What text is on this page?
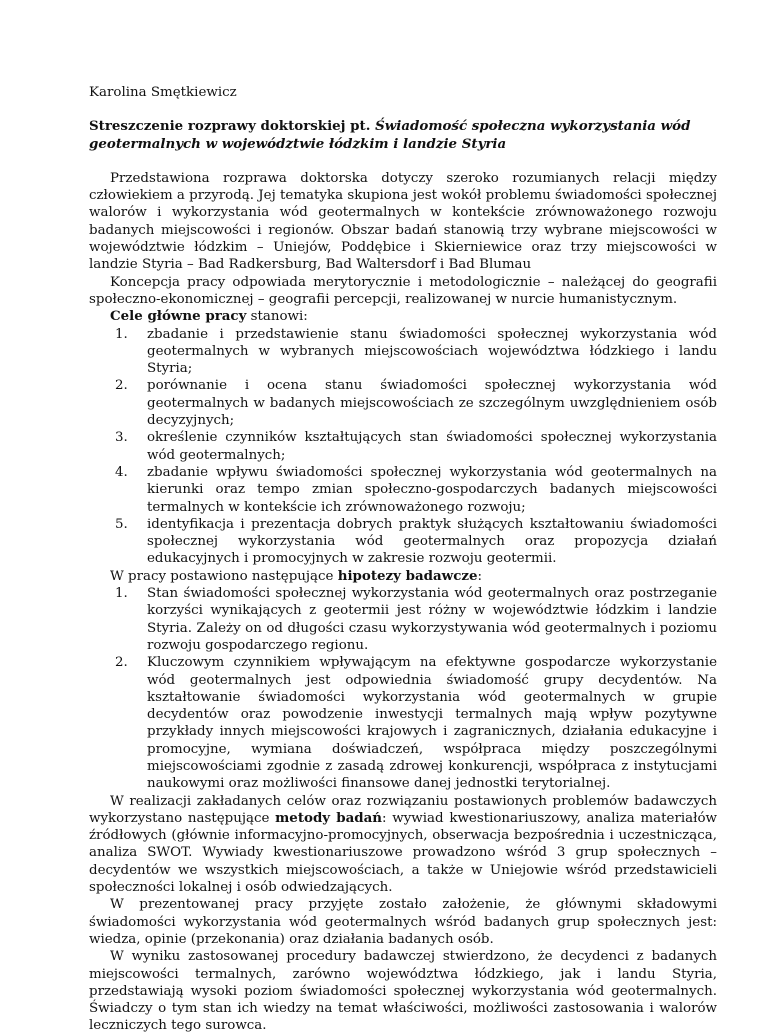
Karolina Smętkiewicz

Streszczenie rozprawy doktorskiej pt. Świadomość społeczna wykorzystania wód geotermalnych w województwie łódzkim i landzie Styria

Przedstawiona rozprawa doktorska dotyczy szeroko rozumianych relacji między człowiekiem a przyrodą. Jej tematyka skupiona jest wokół problemu świadomości społecznej walorów i wykorzystania wód geotermalnych w kontekście zrównoważonego rozwoju badanych miejscowości i regionów. Obszar badań stanowią trzy wybrane miejscowości w województwie łódzkim – Uniejów, Poddębice i Skierniewice oraz trzy miejscowości w landzie Styria – Bad Radkersburg, Bad Waltersdorf i Bad Blumau

Koncepcja pracy odpowiada merytorycznie i metodologicznie – należącej do geografii społeczno-ekonomicznej – geografii percepcji, realizowanej w nurcie humanistycznym.

Cele główne pracy stanowi:

1. zbadanie i przedstawienie stanu świadomości społecznej wykorzystania wód geotermalnych w wybranych miejscowościach województwa łódzkiego i landu Styria;
2. porównanie i ocena stanu świadomości społecznej wykorzystania wód geotermalnych w badanych miejscowościach ze szczególnym uwzględnieniem osób decyzyjnych;
3. określenie czynników kształtujących stan świadomości społecznej wykorzystania wód geotermalnych;
4. zbadanie wpływu świadomości społecznej wykorzystania wód geotermalnych na kierunki oraz tempo zmian społeczno-gospodarczych badanych miejscowości termalnych w kontekście ich zrównoważonego rozwoju;
5. identyfikacja i prezentacja dobrych praktyk służących kształtowaniu świadomości społecznej wykorzystania wód geotermalnych oraz propozycja działań edukacyjnych i promocyjnych w zakresie rozwoju geotermii.

W pracy postawiono następujące hipotezy badawcze:

1. Stan świadomości społecznej wykorzystania wód geotermalnych oraz postrzeganie korzyści wynikających z geotermii jest różny w województwie łódzkim i landzie Styria. Zależy on od długości czasu wykorzystywania wód geotermalnych i poziomu rozwoju gospodarczego regionu.
2. Kluczowym czynnikiem wpływającym na efektywne gospodarcze wykorzystanie wód geotermalnych jest odpowiednia świadomość grupy decydentów. Na kształtowanie świadomości wykorzystania wód geotermalnych w grupie decydentów oraz powodzenie inwestycji termalnych mają wpływ pozytywne przykłady innych miejscowości krajowych i zagranicznych, działania edukacyjne i promocyjne, wymiana doświadczeń, współpraca między poszczególnymi miejscowościami zgodnie z zasadą zdrowej konkurencji, współpraca z instytucjami naukowymi oraz możliwości finansowe danej jednostki terytorialnej.

W realizacji zakładanych celów oraz rozwiązaniu postawionych problemów badawczych wykorzystano następujące metody badań: wywiad kwestionariuszowy, analiza materiałów źródłowych (głównie informacyjno-promocyjnych, obserwacja bezpośrednia i uczestnicząca, analiza SWOT. Wywiady kwestionariuszowe prowadzono wśród 3 grup społecznych –decydentów we wszystkich miejscowościach, a także w Uniejowie wśród przedstawicieli społeczności lokalnej i osób odwiedzających.

W prezentowanej pracy przyjęte zostało założenie, że głównymi składowymi świadomości wykorzystania wód geotermalnych wśród badanych grup społecznych jest: wiedza, opinie (przekonania) oraz działania badanych osób.

W wyniku zastosowanej procedury badawczej stwierdzono, że decydenci z badanych miejscowości termalnych, zarówno województwa łódzkiego, jak i landu Styria, przedstawiają wysoki poziom świadomości społecznej wykorzystania wód geotermalnych. Świadczy o tym stan ich wiedzy na temat właściwości, możliwości zastosowania i walorów leczniczych tego surowca.
